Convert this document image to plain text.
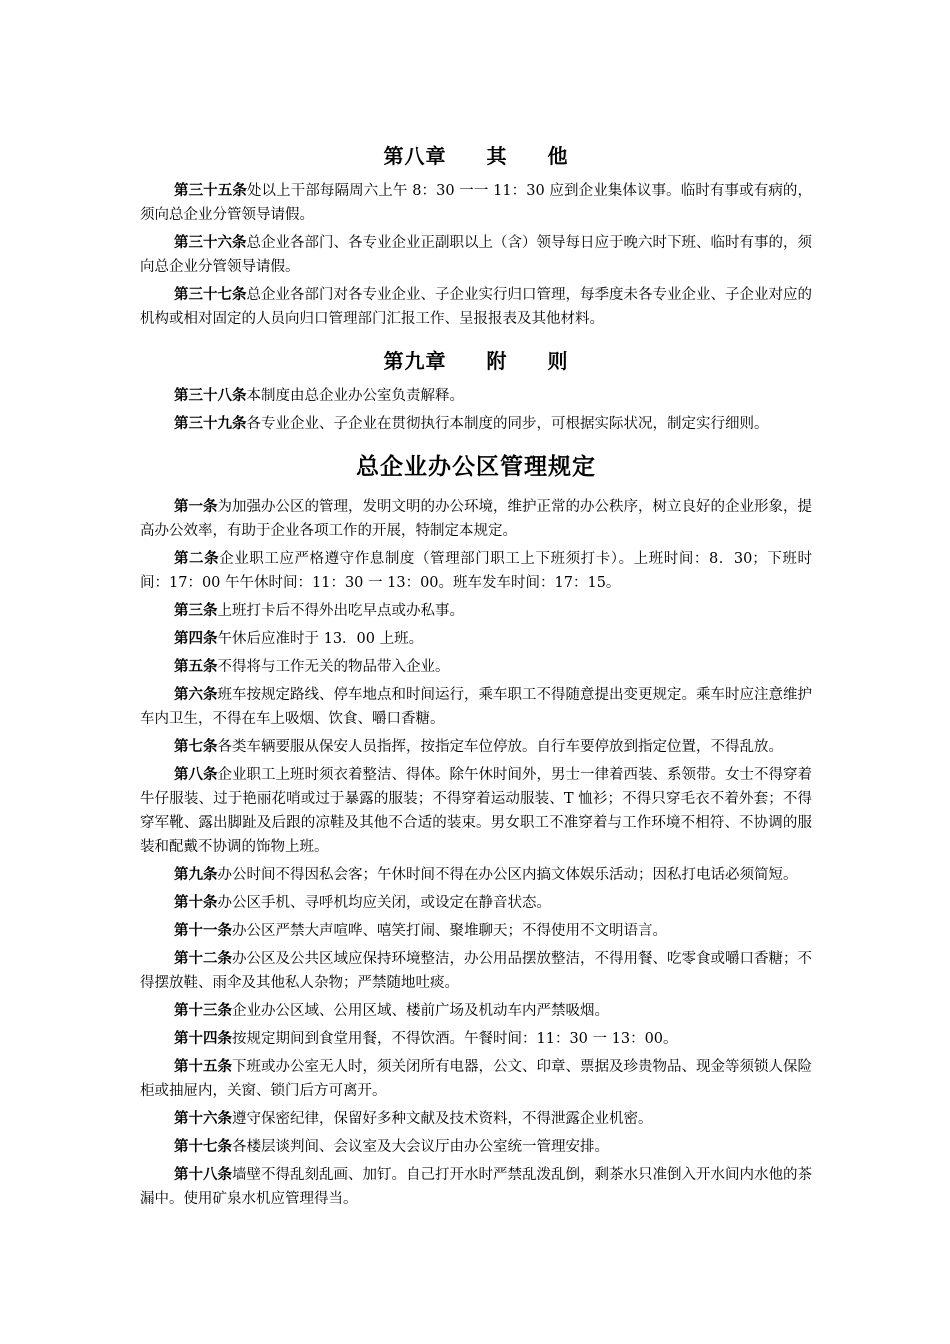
第八章 其 他

第三十五条处以上干部每隔周六上午 8：30 一一 11：30 应到企业集体议事。临时有事或有病的，须向总企业分管领导请假。

第三十六条总企业各部门、各专业企业正副职以上（含）领导每日应于晚六时下班、临时有事的，须向总企业分管领导请假。

第三十七条总企业各部门对各专业企业、子企业实行归口管理，每季度未各专业企业、子企业对应的机构或相对固定的人员向归口管理部门汇报工作、呈报报表及其他材料。

第九章 附 则

第三十八条本制度由总企业办公室负责解释。

第三十九条各专业企业、子企业在贯彻执行本制度的同步，可根据实际状况，制定实行细则。

总企业办公区管理规定

第一条为加强办公区的管理，发明文明的办公环境，维护正常的办公秩序，树立良好的企业形象，提高办公效率，有助于企业各项工作的开展，特制定本规定。

第二条企业职工应严格遵守作息制度（管理部门职工上下班须打卡）。上班时间：8．30；下班时间：17：00 午午休时间：11：30 一 13：00。班车发车时间：17：15。

第三条上班打卡后不得外出吃早点或办私事。

第四条午休后应准时于 13．00 上班。

第五条不得将与工作无关的物品带入企业。

第六条班车按规定路线、停车地点和时间运行，乘车职工不得随意提出变更规定。乘车时应注意维护车内卫生，不得在车上吸烟、饮食、嚼口香糖。

第七条各类车辆要服从保安人员指挥，按指定车位停放。自行车要停放到指定位置，不得乱放。

第八条企业职工上班时须衣着整洁、得体。除午休时间外，男士一律着西装、系领带。女士不得穿着牛仔服装、过于艳丽花哨或过于暴露的服装；不得穿着运动服装、T 恤衫；不得只穿毛衣不着外套；不得穿军靴、露出脚趾及后跟的凉鞋及其他不合适的装束。男女职工不准穿着与工作环境不相符、不协调的服装和配戴不协调的饰物上班。

第九条办公时间不得因私会客；午休时间不得在办公区内搞文体娱乐活动；因私打电话必须简短。

第十条办公区手机、寻呼机均应关闭，或设定在静音状态。

第十一条办公区严禁大声喧哗、嘻笑打闹、聚堆聊天；不得使用不文明语言。

第十二条办公区及公共区域应保持环境整洁，办公用品摆放整洁，不得用餐、吃零食或嚼口香糖；不得摆放鞋、雨伞及其他私人杂物；严禁随地吐痰。

第十三条企业办公区域、公用区域、楼前广场及机动车内严禁吸烟。

第十四条按规定期间到食堂用餐，不得饮酒。午餐时间：11：30 一 13：00。

第十五条下班或办公室无人时，须关闭所有电器，公文、印章、票据及珍贵物品、现金等须锁人保险柜或抽屉内，关窗、锁门后方可离开。

第十六条遵守保密纪律，保留好多种文献及技术资料，不得泄露企业机密。

第十七条各楼层谈判间、会议室及大会议厅由办公室统一管理安排。

第十八条墙壁不得乱刻乱画、加钉。自己打开水时严禁乱泼乱倒，剩茶水只准倒入开水间内水他的茶漏中。使用矿泉水机应管理得当。
